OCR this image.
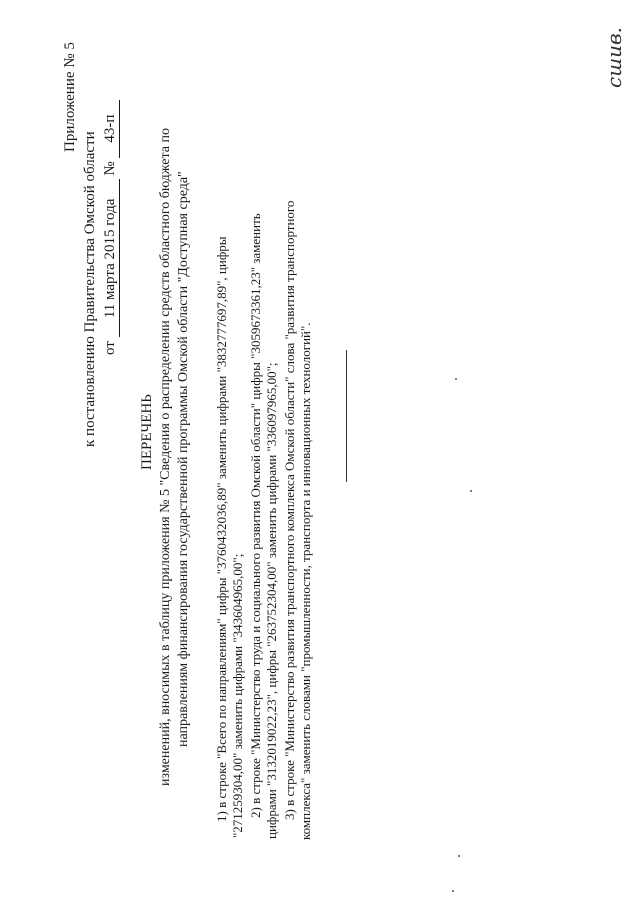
Приложение № 5
к постановлению Правительства Омской области от 11 марта 2015 года № 43-п
ПЕРЕЧЕНЬ изменений, вносимых в таблицу приложения № 5 "Сведения о распределении средств областного бюджета по направлениям финансирования государственной программы Омской области "Доступная среда" 1) в строке "Всего по направлениям" цифры "3760432036,89" заменить цифрами "3832777697,89", цифры "271259304,00" заменить цифрами "343604965,00"; 2) в строке "Министерство труда и социального развития Омской области" цифры "3059673361,23" заменить цифрами "3132019022,23", цифры "263752304,00" заменить цифрами "336097965,00"; 3) в строке "Министерство развития транспортного комплекса Омской области" слова "развития транспортного комплекса" заменить словами "промышленности, транспорта и инновационных технологий".
сшив.
